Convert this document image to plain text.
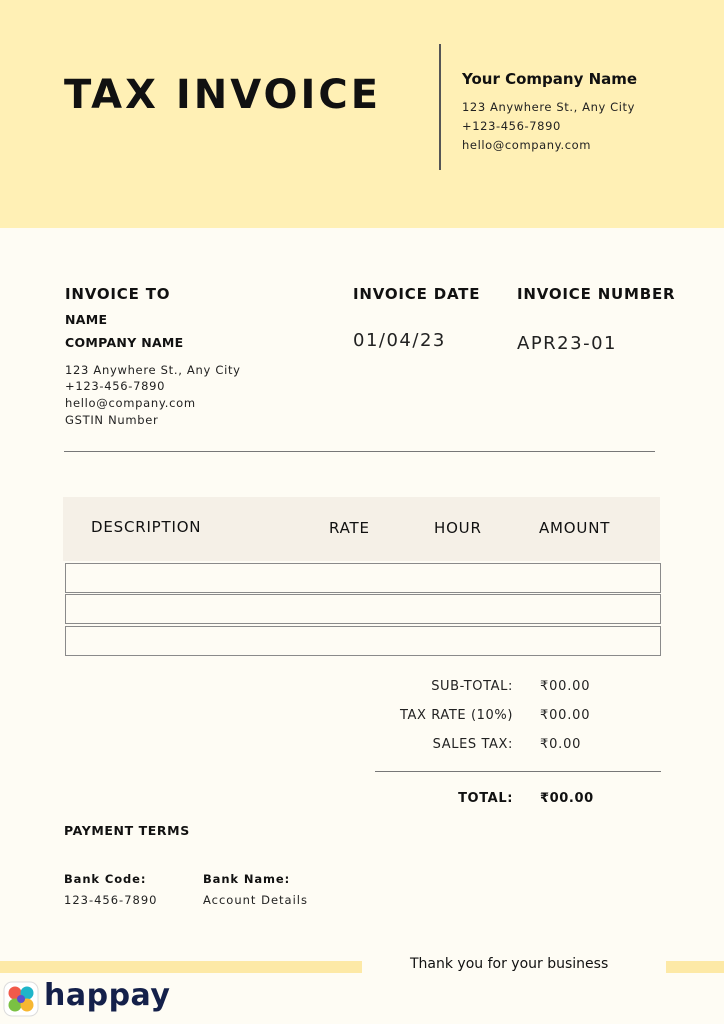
TAX INVOICE	Your Company Name
123 Anywhere St., Any City
+123-456-7890
hello@company.com
INVOICE TO
NAME
COMPANY NAME
123 Anywhere St., Any City
+123-456-7890
hello@company.com
GSTIN Number
INVOICE DATE
01/04/23
INVOICE NUMBER
APR23-01
DESCRIPTION	RATE	HOUR	AMOUNT
SUB-TOTAL: ₹00.00
TAX RATE (10%) ₹00.00
SALES TAX: ₹0.00
TOTAL: ₹00.00
PAYMENT TERMS
Bank Code:
123-456-7890
Bank Name:
Account Details
Thank you for your business
happay
